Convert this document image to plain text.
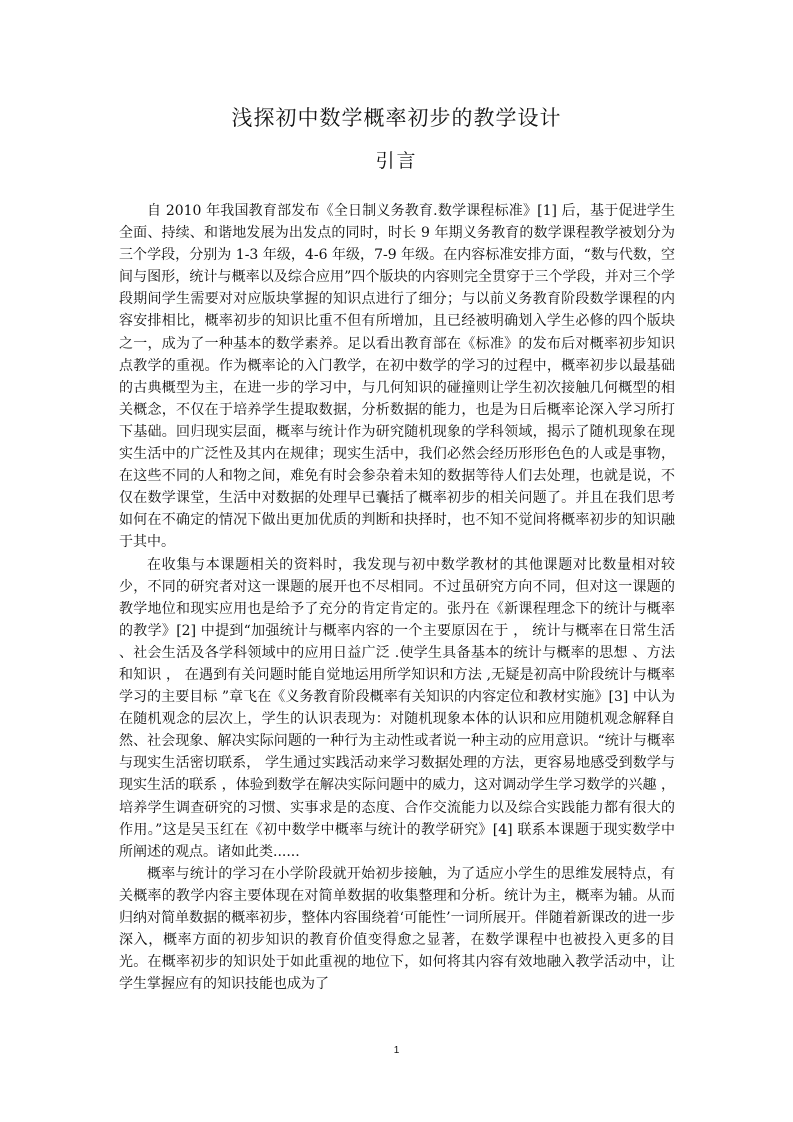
浅探初中数学概率初步的教学设计
引言

自 2010 年我国教育部发布《全日制义务教育.数学课程标准》[1] 后，基于促进学生全面、持续、和谐地发展为出发点的同时，时长 9 年期义务教育的数学课程教学被划分为三个学段，分别为 1-3 年级，4-6 年级，7-9 年级。在内容标准安排方面，“数与代数，空间与图形，统计与概率以及综合应用”四个版块的内容则完全贯穿于三个学段，并对三个学段期间学生需要对对应版块掌握的知识点进行了细分；与以前义务教育阶段数学课程的内容安排相比，概率初步的知识比重不但有所增加，且已经被明确划入学生必修的四个版块之一，成为了一种基本的数学素养。足以看出教育部在《标准》的发布后对概率初步知识点教学的重视。作为概率论的入门教学，在初中数学的学习的过程中，概率初步以最基础的古典概型为主，在进一步的学习中，与几何知识的碰撞则让学生初次接触几何概型的相关概念，不仅在于培养学生提取数据，分析数据的能力，也是为日后概率论深入学习所打下基础。回归现实层面，概率与统计作为研究随机现象的学科领域，揭示了随机现象在现实生活中的广泛性及其内在规律；现实生活中，我们必然会经历形形色色的人或是事物，在这些不同的人和物之间，难免有时会参杂着未知的数据等待人们去处理，也就是说，不仅在数学课堂，生活中对数据的处理早已囊括了概率初步的相关问题了。并且在我们思考如何在不确定的情况下做出更加优质的判断和抉择时，也不知不觉间将概率初步的知识融于其中。

在收集与本课题相关的资料时，我发现与初中数学教材的其他课题对比数量相对较少，不同的研究者对这一课题的展开也不尽相同。不过虽研究方向不同，但对这一课题的教学地位和现实应用也是给予了充分的肯定肯定的。张丹在《新课程理念下的统计与概率的教学》[2] 中提到“加强统计与概率内容的一个主要原因在于 ， 统计与概率在日常生活 、社会生活及各学科领域中的应用日益广泛 .使学生具备基本的统计与概率的思想 、方法和知识 ， 在遇到有关问题时能自觉地运用所学知识和方法 ,无疑是初高中阶段统计与概率学习的主要目标 ”章飞在《义务教育阶段概率有关知识的内容定位和教材实施》[3] 中认为在随机观念的层次上，学生的认识表现为：对随机现象本体的认识和应用随机观念解释自然、社会现象、解决实际问题的一种行为主动性或者说一种主动的应用意识。“统计与概率与现实生活密切联系， 学生通过实践活动来学习数据处理的方法，更容易地感受到数学与现实生活的联系 ，体验到数学在解决实际问题中的威力，这对调动学生学习数学的兴趣 ，培养学生调查研究的习惯、实事求是的态度、合作交流能力以及综合实践能力都有很大的作用。”这是吴玉红在《初中数学中概率与统计的教学研究》[4] 联系本课题于现实数学中所阐述的观点。诸如此类......

概率与统计的学习在小学阶段就开始初步接触，为了适应小学生的思维发展特点，有关概率的教学内容主要体现在对简单数据的收集整理和分析。统计为主，概率为辅。从而归纳对简单数据的概率初步，整体内容围绕着‘可能性’一词所展开。伴随着新课改的进一步深入，概率方面的初步知识的教育价值变得愈之显著，在数学课程中也被投入更多的目光。在概率初步的知识处于如此重视的地位下，如何将其内容有效地融入教学活动中，让学生掌握应有的知识技能也成为了

1
